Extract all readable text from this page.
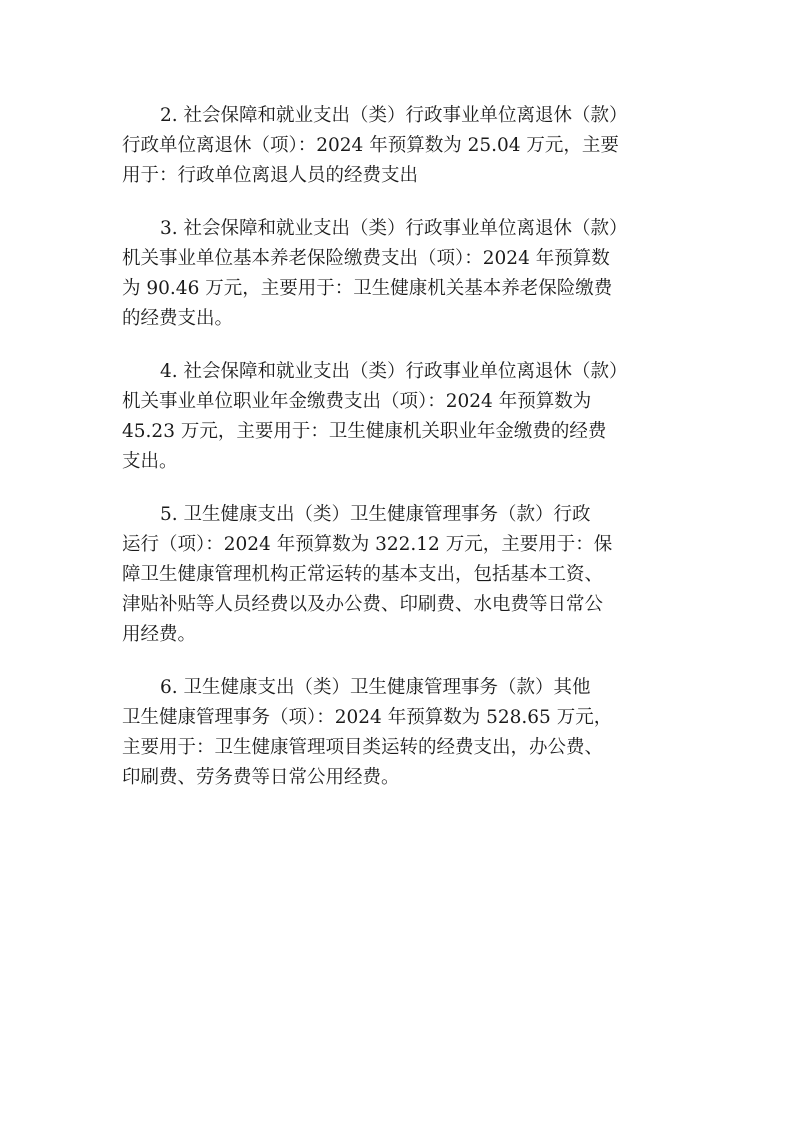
2. 社会保障和就业支出（类）行政事业单位离退休（款）
行政单位离退休（项）：2024 年预算数为 25.04 万元，主要
用于：行政单位离退人员的经费支出

3. 社会保障和就业支出（类）行政事业单位离退休（款）
机关事业单位基本养老保险缴费支出（项）：2024 年预算数
为 90.46 万元，主要用于：卫生健康机关基本养老保险缴费
的经费支出。

4. 社会保障和就业支出（类）行政事业单位离退休（款）
机关事业单位职业年金缴费支出（项）：2024 年预算数为
45.23 万元，主要用于：卫生健康机关职业年金缴费的经费
支出。

5. 卫生健康支出（类）卫生健康管理事务（款）行政
运行（项）：2024 年预算数为 322.12 万元，主要用于：保
障卫生健康管理机构正常运转的基本支出，包括基本工资、
津贴补贴等人员经费以及办公费、印刷费、水电费等日常公
用经费。

6. 卫生健康支出（类）卫生健康管理事务（款）其他
卫生健康管理事务（项）：2024 年预算数为 528.65 万元，
主要用于：卫生健康管理项目类运转的经费支出，办公费、
印刷费、劳务费等日常公用经费。
